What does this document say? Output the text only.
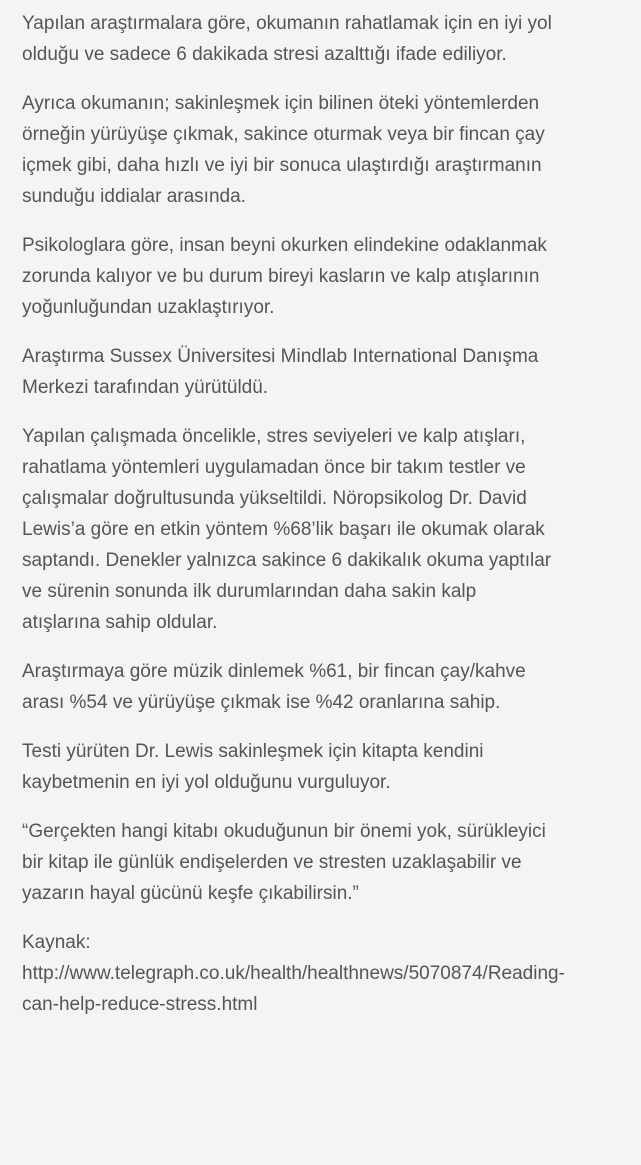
Yapılan araştırmalara göre, okumanın rahatlamak için en iyi yol
olduğu ve sadece 6 dakikada stresi azalttığı ifade ediliyor.

Ayrıca okumanın; sakinleşmek için bilinen öteki yöntemlerden
örneğin yürüyüşe çıkmak, sakince oturmak veya bir fincan çay
içmek gibi, daha hızlı ve iyi bir sonuca ulaştırdığı araştırmanın
sunduğu iddialar arasında.

Psikologlara göre, insan beyni okurken elindekine odaklanmak
zorunda kalıyor ve bu durum bireyi kasların ve kalp atışlarının
yoğunluğundan uzaklaştırıyor.

Araştırma Sussex Üniversitesi Mindlab International Danışma
Merkezi tarafından yürütüldü.

Yapılan çalışmada öncelikle, stres seviyeleri ve kalp atışları,
rahatlama yöntemleri uygulamadan önce bir takım testler ve
çalışmalar doğrultusunda yükseltildi. Nöropsikolog Dr. David
Lewis’a göre en etkin yöntem %68’lik başarı ile okumak olarak
saptandı. Denekler yalnızca sakince 6 dakikalık okuma yaptılar
ve sürenin sonunda ilk durumlarından daha sakin kalp
atışlarına sahip oldular.

Araştırmaya göre müzik dinlemek %61, bir fincan çay/kahve
arası %54 ve yürüyüşe çıkmak ise %42 oranlarına sahip.

Testi yürüten Dr. Lewis sakinleşmek için kitapta kendini
kaybetmenin en iyi yol olduğunu vurguluyor.

“Gerçekten hangi kitabı okuduğunun bir önemi yok, sürükleyici
bir kitap ile günlük endişelerden ve stresten uzaklaşabilir ve
yazarın hayal gücünü keşfe çıkabilirsin.”

Kaynak:
http://www.telegraph.co.uk/health/healthnews/5070874/Reading-
can-help-reduce-stress.html
